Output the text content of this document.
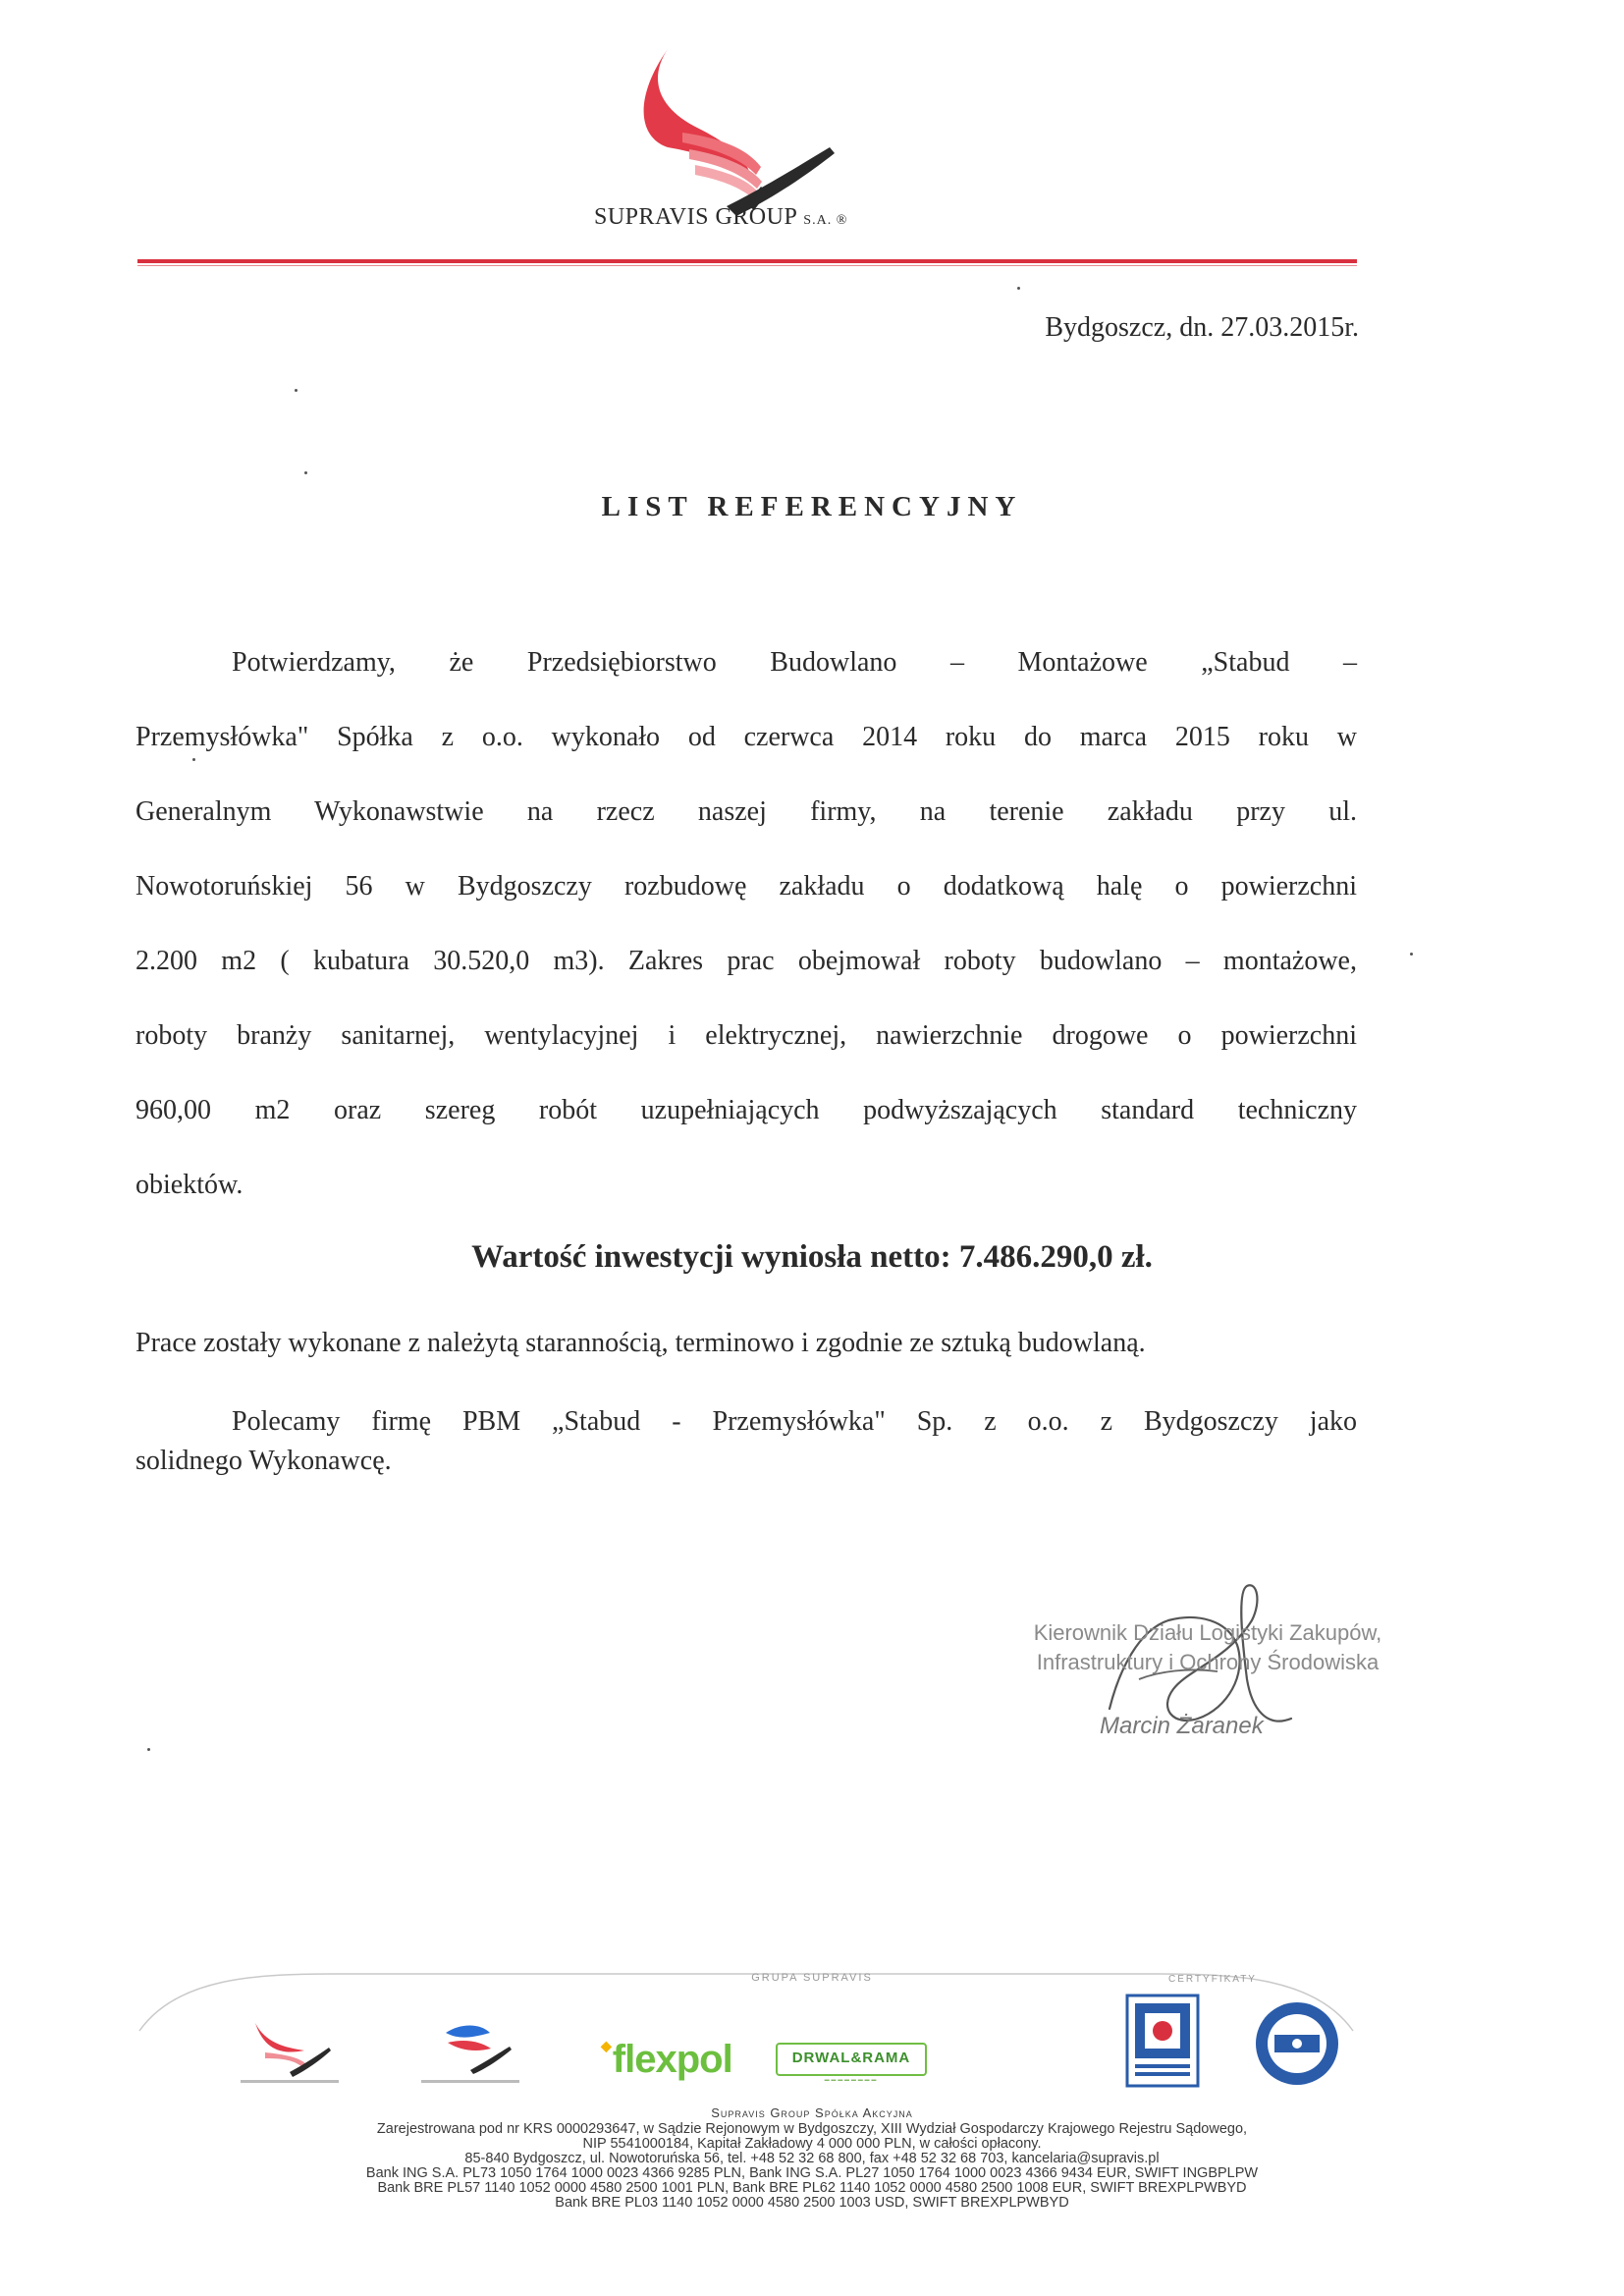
SUPRAVIS GROUP S.A. ®
Bydgoszcz, dn. 27.03.2015r.
LIST REFERENCYJNY
Potwierdzamy, że Przedsiębiorstwo Budowlano – Montażowe „Stabud –
Przemysłówka" Spółka z o.o. wykonało od czerwca 2014 roku do marca 2015 roku w
Generalnym Wykonawstwie na rzecz naszej firmy, na terenie zakładu przy ul.
Nowotoruńskiej 56 w Bydgoszczy rozbudowę zakładu o dodatkową halę o powierzchni
2.200 m2 ( kubatura 30.520,0 m3). Zakres prac obejmował roboty budowlano – montażowe,
roboty branży sanitarnej, wentylacyjnej i elektrycznej, nawierzchnie drogowe o powierzchni
960,00 m2 oraz szereg robót uzupełniających podwyższających standard techniczny
obiektów.
Wartość inwestycji wyniosła netto: 7.486.290,0 zł.
Prace zostały wykonane z należytą starannością, terminowo i zgodnie ze sztuką budowlaną.
Polecamy firmę PBM „Stabud - Przemysłówka" Sp. z o.o. z Bydgoszczy jako
solidnego Wykonawcę.
Kierownik Działu Logistyki Zakupów,
Infrastruktury i Ochrony Środowiska
Marcin Żaranek
GRUPA SUPRAVIS	CERTYFIKATY
◆flexpol	DRWAL&RAMA
━━━━━━━━
Supravis Group Spółka Akcyjna
Zarejestrowana pod nr KRS 0000293647, w Sądzie Rejonowym w Bydgoszczy, XIII Wydział Gospodarczy Krajowego Rejestru Sądowego,
NIP 5541000184, Kapitał Zakładowy 4 000 000 PLN, w całości opłacony.
85-840 Bydgoszcz, ul. Nowotoruńska 56, tel. +48 52 32 68 800, fax +48 52 32 68 703, kancelaria@supravis.pl
Bank ING S.A. PL73 1050 1764 1000 0023 4366 9285 PLN, Bank ING S.A. PL27 1050 1764 1000 0023 4366 9434 EUR, SWIFT INGBPLPW
Bank BRE PL57 1140 1052 0000 4580 2500 1001 PLN, Bank BRE PL62 1140 1052 0000 4580 2500 1008 EUR, SWIFT BREXPLPWBYD
Bank BRE PL03 1140 1052 0000 4580 2500 1003 USD, SWIFT BREXPLPWBYD
